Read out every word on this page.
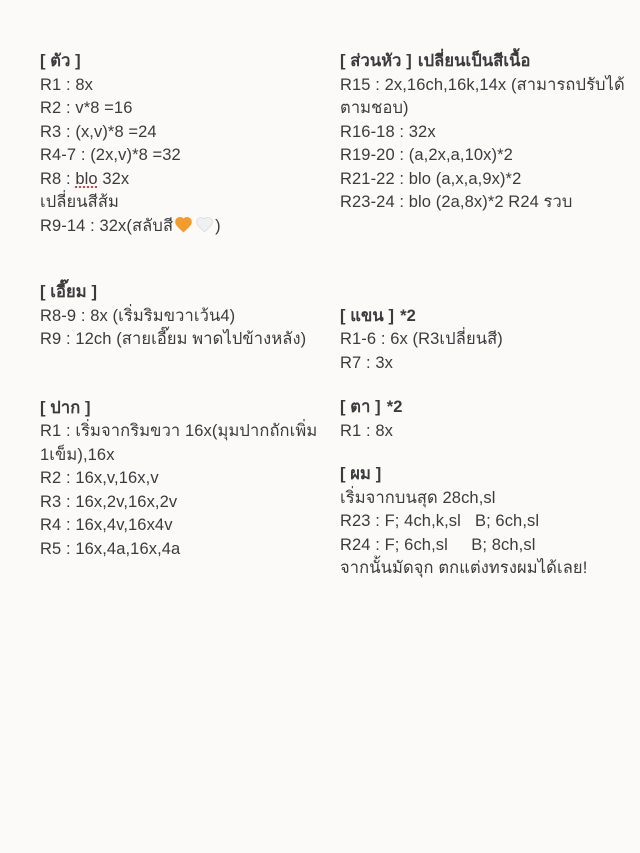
[ ตัว ]
R1 : 8x
R2 : v*8 =16
R3 : (x,v)*8 =24
R4-7 : (2x,v)*8 =32
R8 : blo 32x
เปลี่ยนสีส้ม
R9-14 : 32x(สลับสี	)
[ เอี๊ยม ]
R8-9 : 8x (เริ่มริมขวาเว้น4)
R9 : 12ch (สายเอี๊ยม พาดไปข้างหลัง)
[ ปาก ]
R1 : เริ่มจากริมขวา 16x(มุมปากถักเพิ่ม 1เข็ม),16x
R2 : 16x,v,16x,v
R3 : 16x,2v,16x,2v
R4 : 16x,4v,16x4v
R5 : 16x,4a,16x,4a
[ ส่วนหัว ] เปลี่ยนเป็นสีเนื้อ
R15 : 2x,16ch,16k,14x (สามารถปรับได้ตามชอบ)
R16-18 : 32x
R19-20 : (a,2x,a,10x)*2
R21-22 : blo (a,x,a,9x)*2
R23-24 : blo (2a,8x)*2 R24 รวบ
[ แขน ] *2
R1-6 : 6x (R3เปลี่ยนสี)
R7 : 3x
[ ตา ] *2
R1 : 8x
[ ผม ]
เริ่มจากบนสุด 28ch,sl
R23 : F; 4ch,k,sl   B; 6ch,sl
R24 : F; 6ch,sl     B; 8ch,sl
จากนั้นมัดจุก ตกแต่งทรงผมได้เลย!
